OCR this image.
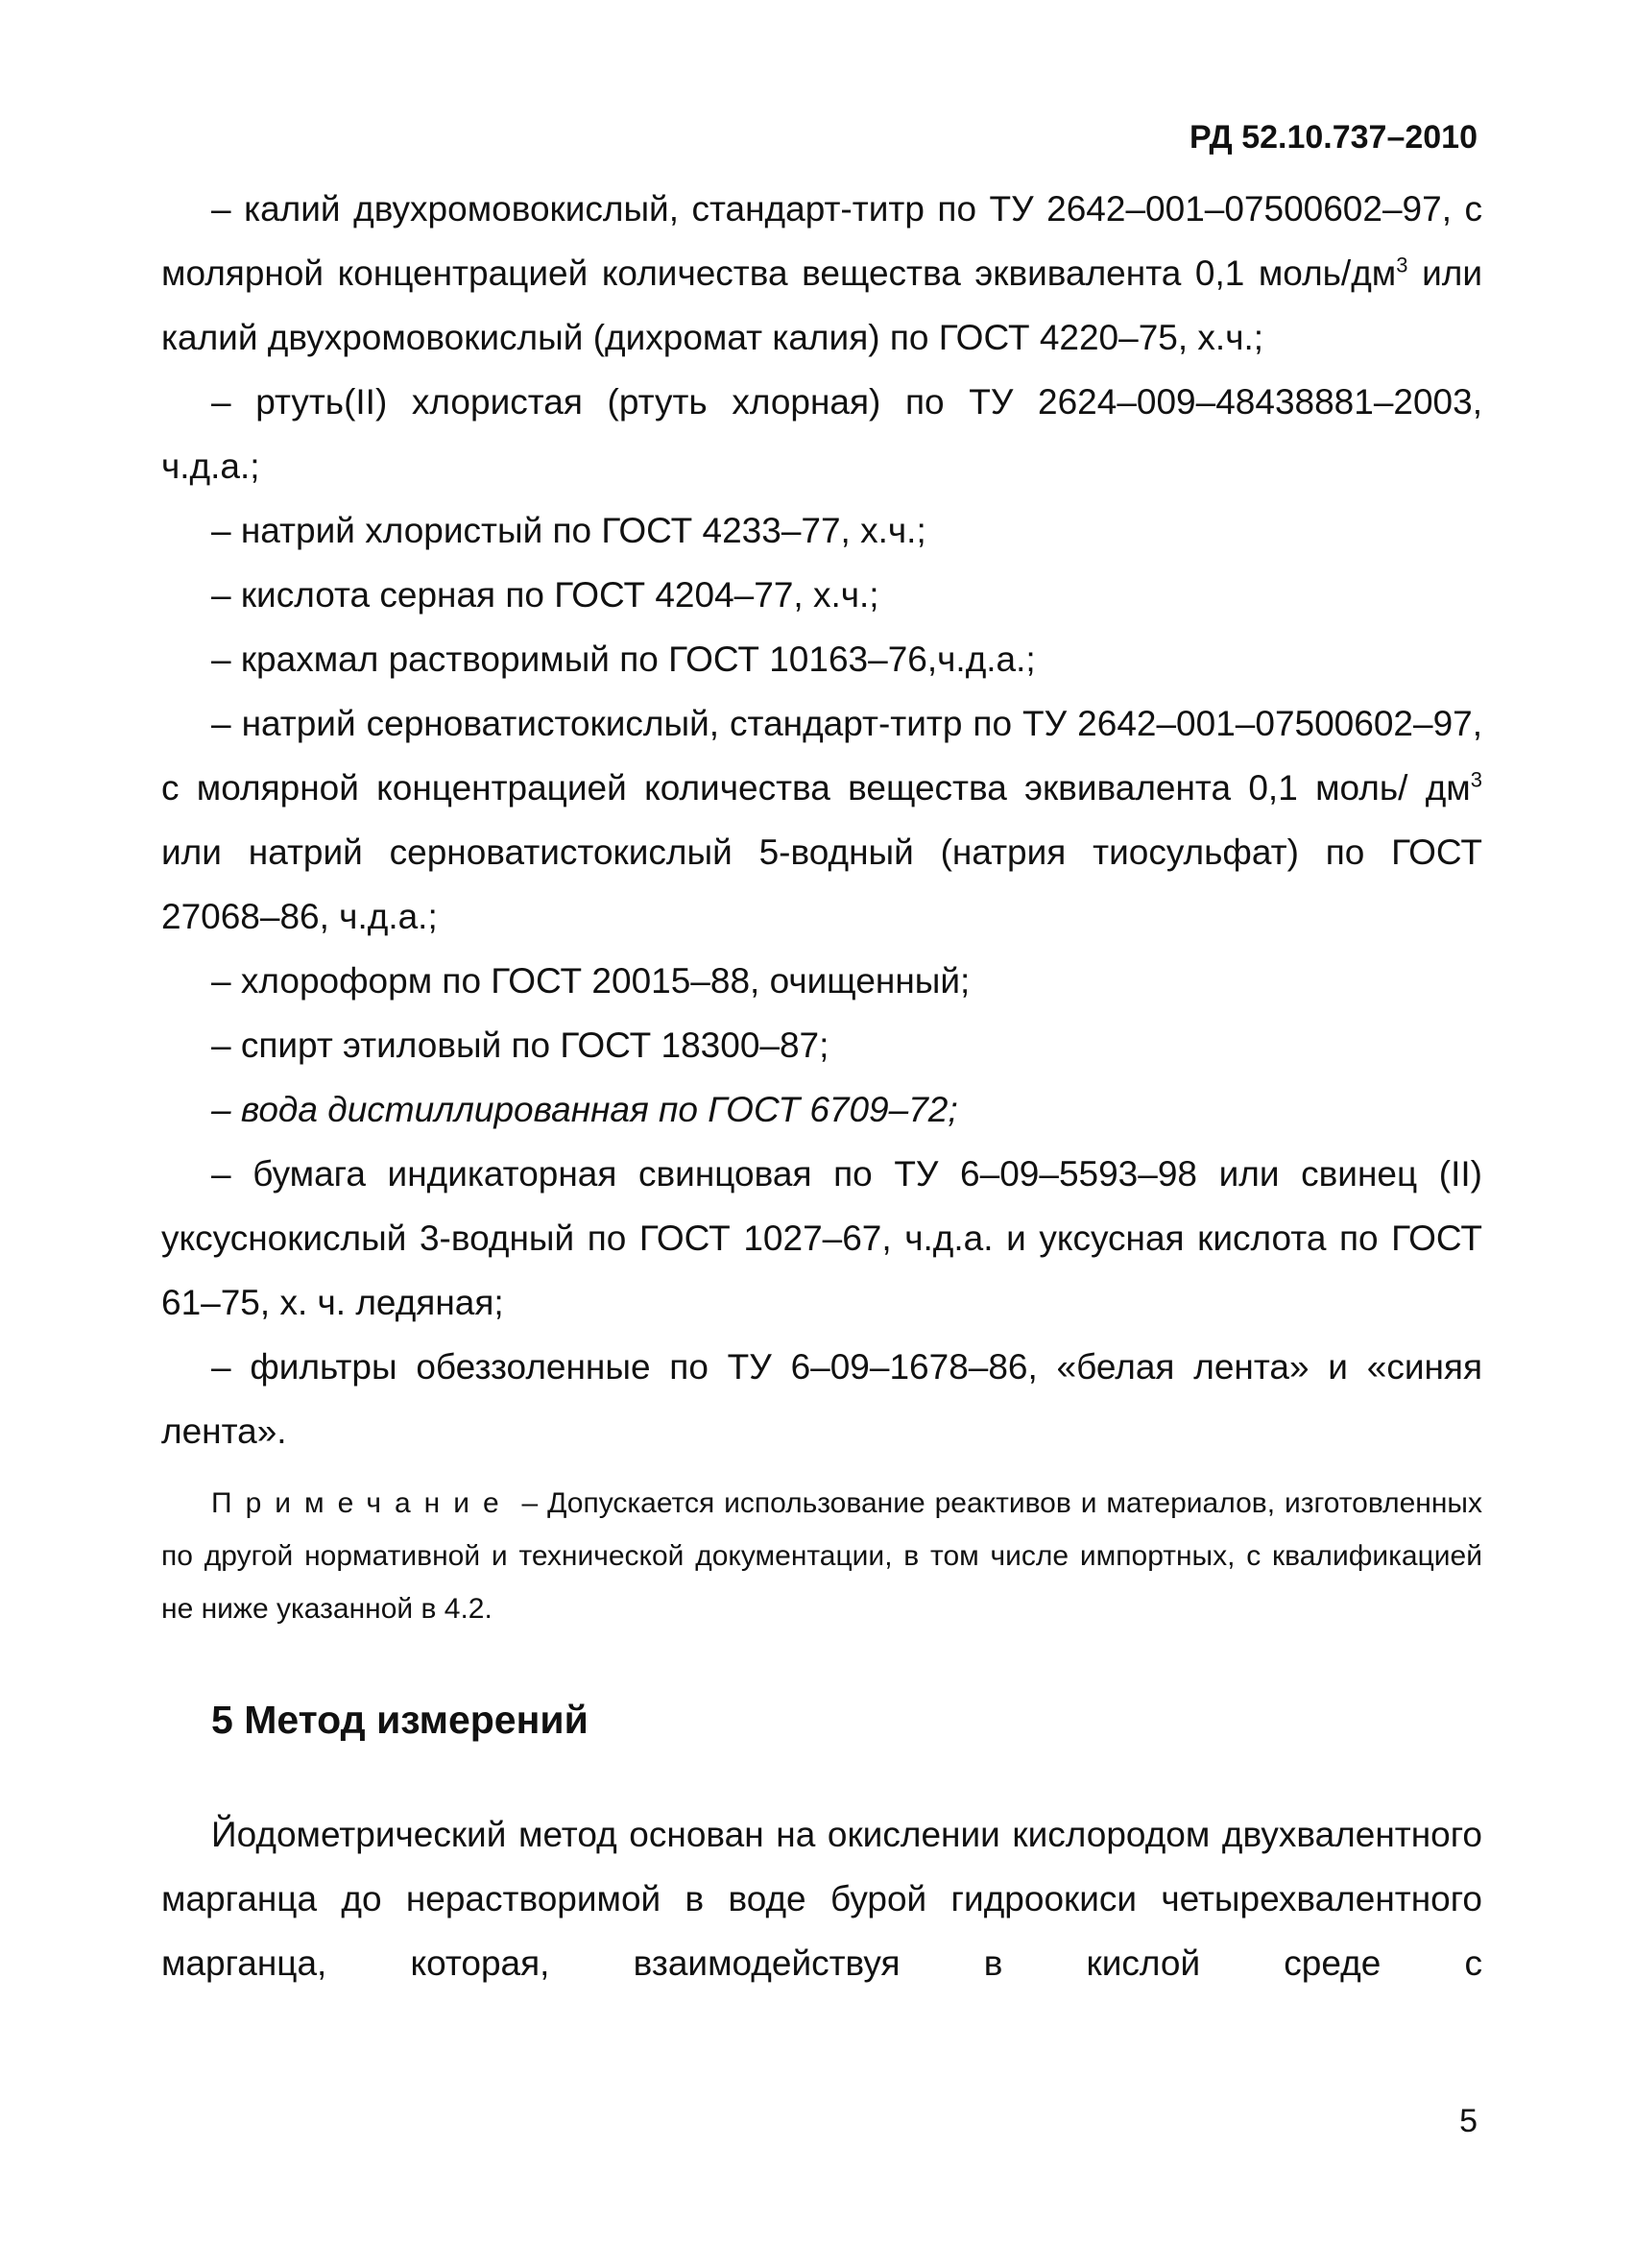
РД 52.10.737–2010

– калий двухромовокислый, стандарт-титр по ТУ 2642–001–07500602–97, с молярной концентрацией количества вещества эквивалента 0,1 моль/$дм^3$ или калий двухромовокислый (дихромат калия) по ГОСТ 4220–75, х.ч.;

– ртуть(II) хлористая (ртуть хлорная) по ТУ 2624–009–48438881–2003, ч.д.а.;

– натрий хлористый по ГОСТ 4233–77, х.ч.;

– кислота серная по ГОСТ 4204–77, х.ч.;

– крахмал растворимый по ГОСТ 10163–76,ч.д.а.;

– натрий серноватистокислый, стандарт-титр по ТУ 2642–001–07500602–97, с молярной концентрацией количества вещества эквивалента 0,1 моль/ $дм^3$ или натрий серноватистокислый 5-водный (натрия тиосульфат) по ГОСТ 27068–86, ч.д.а.;

– хлороформ по ГОСТ 20015–88, очищенный;

– спирт этиловый по ГОСТ 18300–87;

– вода дистиллированная по ГОСТ 6709–72;

– бумага индикаторная свинцовая по ТУ 6–09–5593–98 или свинец (II) уксуснокислый 3-водный по ГОСТ 1027–67, ч.д.а. и уксусная кислота по ГОСТ 61–75, х. ч. ледяная;

– фильтры обеззоленные по ТУ 6–09–1678–86, «белая лента» и «синяя лента».

Примечание – Допускается использование реактивов и материалов, изготовленных по другой нормативной и технической документации, в том числе импортных, с квалификацией не ниже указанной в 4.2.

5 Метод измерений

Йодометрический метод основан на окислении кислородом двухвалентного марганца до нерастворимой в воде бурой гидроокиси четырехвалентного марганца, которая, взаимодействуя в кислой среде с

5
